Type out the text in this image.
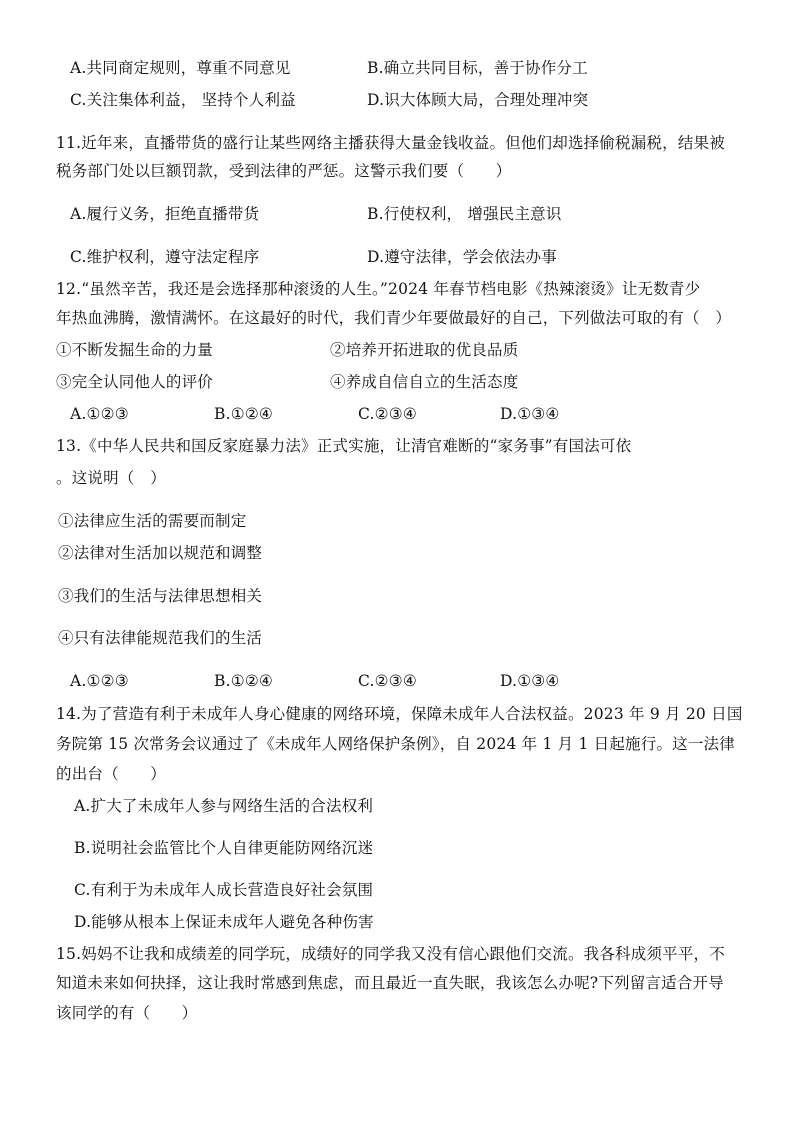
A.共同商定规则，尊重不同意见	B.确立共同目标，善于协作分工
C.关注集体利益， 坚持个人利益	D.识大体顾大局，合理处理冲突
11.近年来，直播带货的盛行让某些网络主播获得大量金钱收益。但他们却选择偷税漏税，结果被
税务部门处以巨额罚款，受到法律的严惩。这警示我们要（　　）
A.履行义务，拒绝直播带货	B.行使权利， 增强民主意识
C.维护权利，遵守法定程序	D.遵守法律，学会依法办事
12.“虽然辛苦，我还是会选择那种滚烫的人生。”2024 年春节档电影《热辣滚烫》让无数青少
年热血沸腾，激情满怀。在这最好的时代，我们青少年要做最好的自己，下列做法可取的有（　）
①不断发掘生命的力量	②培养开拓进取的优良品质
③完全认同他人的评价	④养成自信自立的生活态度
A.①②③	B.①②④	C.②③④	D.①③④
13.《中华人民共和国反家庭暴力法》正式实施，让清官难断的“家务事”有国法可依
。这说明（　）
①法律应生活的需要而制定
②法律对生活加以规范和调整
③我们的生活与法律思想相关
④只有法律能规范我们的生活
A.①②③	B.①②④	C.②③④	D.①③④
14.为了营造有利于未成年人身心健康的网络环境，保障未成年人合法权益。2023 年 9 月 20 日国
务院第 15 次常务会议通过了《未成年人网络保护条例》，自 2024 年 1 月 1 日起施行。这一法律
的出台（　　）
A.扩大了未成年人参与网络生活的合法权利
B.说明社会监管比个人自律更能防网络沉迷
C.有利于为未成年人成长营造良好社会氛围
D.能够从根本上保证未成年人避免各种伤害
15.妈妈不让我和成绩差的同学玩，成绩好的同学我又没有信心跟他们交流。我各科成须平平，不
知道未来如何抉择，这让我时常感到焦虑，而且最近一直失眠，我该怎么办呢?下列留言适合开导
该同学的有（　　）
